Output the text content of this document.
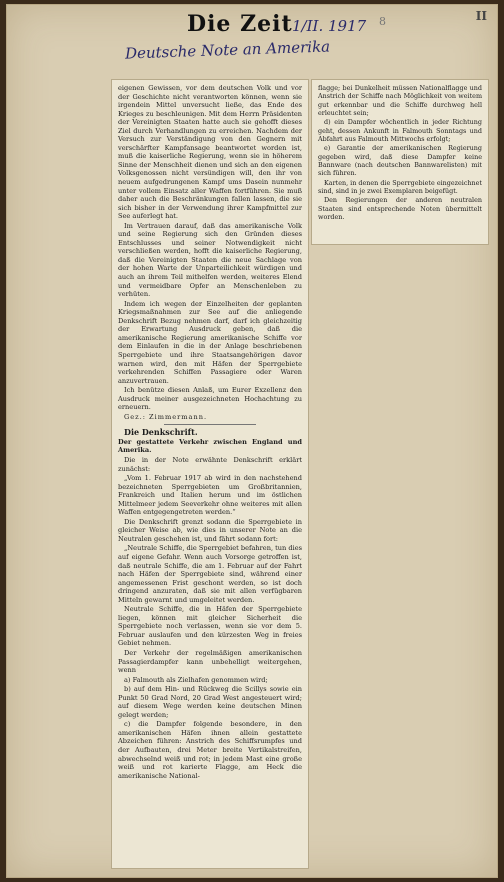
Die Zeit 1/II. 1917
Deutsche Note an Amerika
8	II

eigenen Gewissen, vor dem deutschen Volk und vor der Geschichte nicht verantworten können, wenn sie irgendein Mittel unversucht ließe, das Ende des Krieges zu beschleunigen. Mit dem Herrn Präsidenten der Vereinigten Staaten hatte auch sie gehofft dieses Ziel durch Verhandlungen zu erreichen. Nachdem der Versuch zur Verständigung von den Gegnern mit verschärfter Kampfansage beantwortet worden ist, muß die kaiserliche Regierung, wenn sie in höherem Sinne der Menschheit dienen und sich an den eigenen Volksgenossen nicht versündigen will, den ihr von neuem aufgedrungenen Kampf ums Dasein nunmehr unter vollem Einsatz aller Waffen fortführen. Sie muß daher auch die Beschränkungen fallen lassen, die sie sich bisher in der Verwendung ihrer Kampfmittel zur See auferlegt hat.

Im Vertrauen darauf, daß das amerikanische Volk und seine Regierung sich den Gründen dieses Entschlusses und seiner Notwendigkeit nicht verschließen werden, hofft die kaiserliche Regierung, daß die Vereinigten Staaten die neue Sachlage von der hohen Warte der Unparteilichkeit würdigen und auch an ihrem Teil mithelfen werden, weiteres Elend und vermeidbare Opfer an Menschenleben zu verhüten.

Indem ich wegen der Einzelheiten der geplanten Kriegsmaßnahmen zur See auf die anliegende Denkschrift Bezug nehmen darf, darf ich gleichzeitig der Erwartung Ausdruck geben, daß die amerikanische Regierung amerikanische Schiffe vor dem Einlaufen in die in der Anlage beschriebenen Sperrgebiete und ihre Staatsangehörigen davor warnen wird, den mit Häfen der Sperrgebiete verkehrenden Schiffen Passagiere oder Waren anzuvertrauen.

Ich benütze diesen Anlaß, um Eurer Exzellenz den Ausdruck meiner ausgezeichneten Hochachtung zu erneuern.

Gez.: Zimmermann.

Die Denkschrift.

Der gestattete Verkehr zwischen England und Amerika.

Die in der Note erwähnte Denkschrift erklärt zunächst:

„Vom 1. Februar 1917 ab wird in den nachstehend bezeichneten Sperrgebieten um Großbritannien, Frankreich und Italien herum und im östlichen Mittelmeer jedem Seeverkehr ohne weiteres mit allen Waffen entgegengetreten werden.“

Die Denkschrift grenzt sodann die Sperrgebiete in gleicher Weise ab, wie dies in unserer Note an die Neutralen geschehen ist, und fährt sodann fort:

„Neutrale Schiffe, die Sperrgebiet befahren, tun dies auf eigene Gefahr. Wenn auch Vorsorge getroffen ist, daß neutrale Schiffe, die am 1. Februar auf der Fahrt nach Häfen der Sperrgebiete sind, während einer angemessenen Frist geschont werden, so ist doch dringend anzuraten, daß sie mit allen verfügbaren Mitteln gewarnt und umgeleitet werden.

Neutrale Schiffe, die in Häfen der Sperrgebiete liegen, können mit gleicher Sicherheit die Sperrgebiete noch verlassen, wenn sie vor dem 5. Februar auslaufen und den kürzesten Weg in freies Gebiet nehmen.

Der Verkehr der regelmäßigen amerikanischen Passagierdampfer kann unbehelligt weitergehen, wenn

a) Falmouth als Zielhafen genommen wird;

b) auf dem Hin- und Rückweg die Scillys sowie ein Punkt 50 Grad Nord, 20 Grad West angesteuert wird; auf diesem Wege werden keine deutschen Minen gelegt werden;

c) die Dampfer folgende besondere, in den amerikanischen Häfen ihnen allein gestattete Abzeichen führen: Anstrich des Schiffsrumpfes und der Aufbauten, drei Meter breite Vertikalstreifen, abwechselnd weiß und rot; in jedem Mast eine große weiß und rot karierte Flagge, am Heck die amerikanische National-

flagge; bei Dunkelheit müssen Nationalflagge und Anstrich der Schiffe nach Möglichkeit von weitem gut erkennbar und die Schiffe durchweg hell erleuchtet sein;

d) ein Dampfer wöchentlich in jeder Richtung geht, dessen Ankunft in Falmouth Sonntags und Abfahrt aus Falmouth Mittwochs erfolgt;

e) Garantie der amerikanischen Regierung gegeben wird, daß diese Dampfer keine Bannware (nach deutschen Bannwarelisten) mit sich führen.

Karten, in denen die Sperrgebiete eingezeichnet sind, sind in je zwei Exemplaren beigefügt.

Den Regierungen der anderen neutralen Staaten sind entsprechende Noten übermittelt worden.
